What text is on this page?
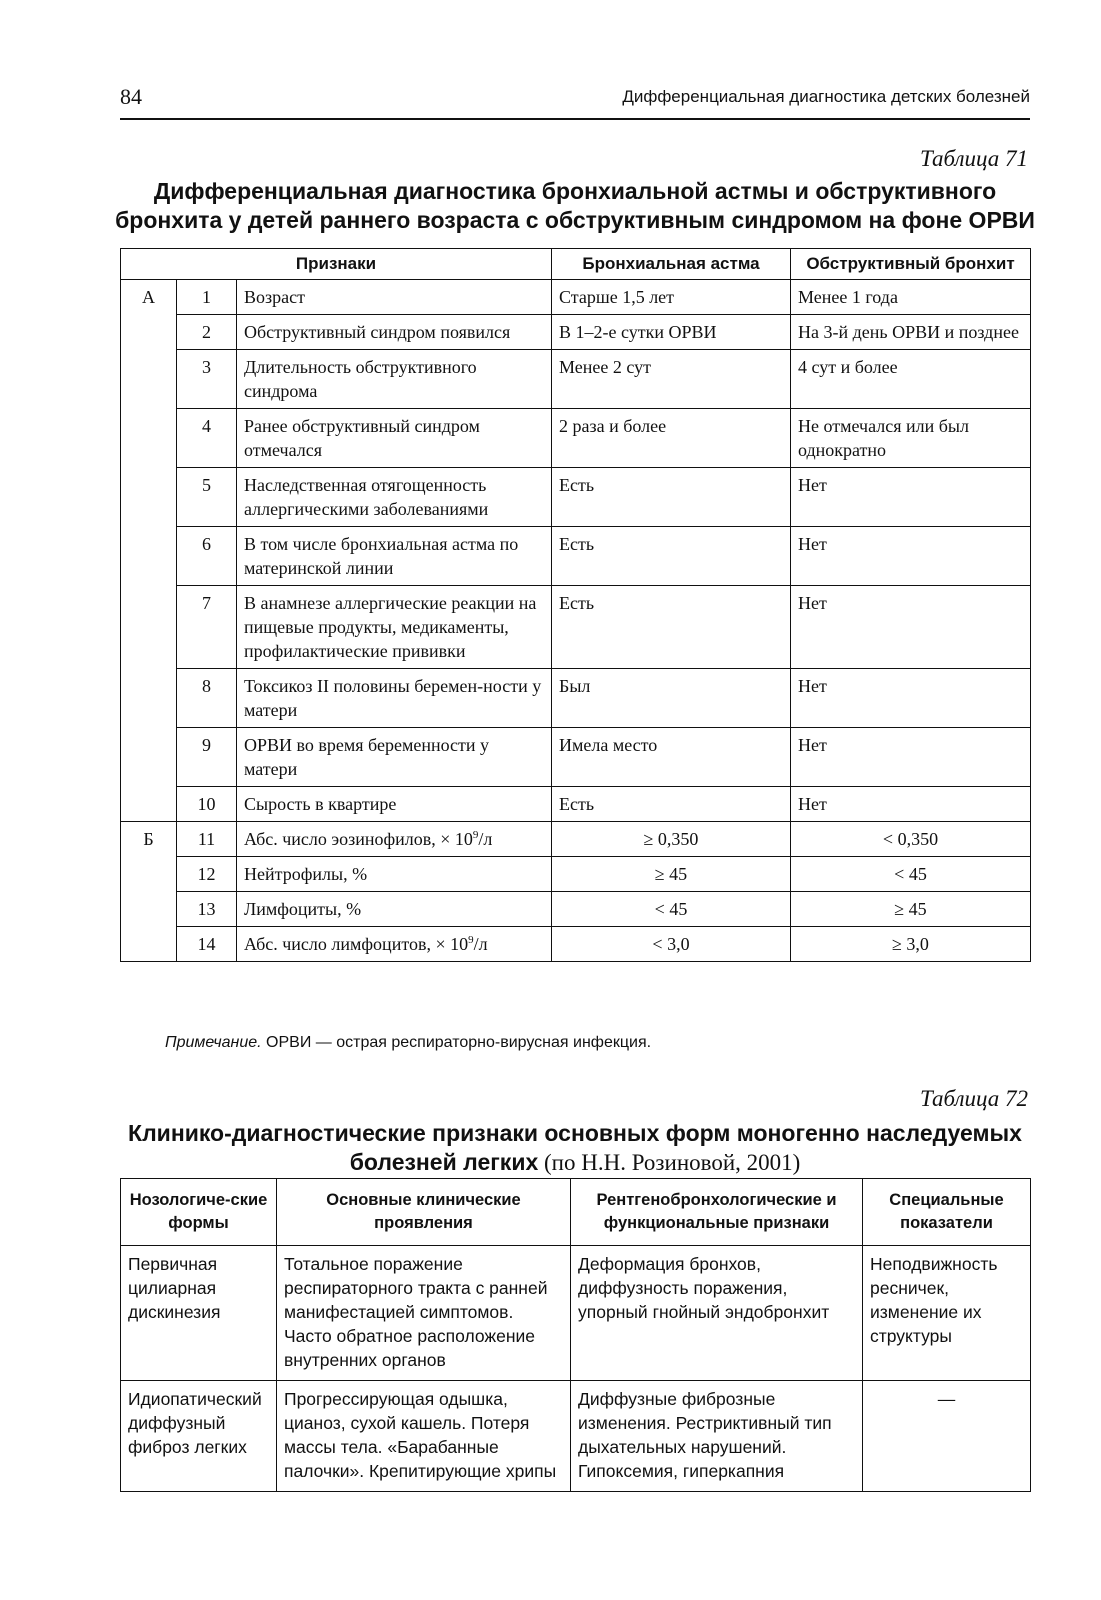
84	Дифференциальная диагностика детских болезней
Таблица 71
Дифференциальная диагностика бронхиальной астмы и обструктивного бронхита у детей раннего возраста с обструктивным синдромом на фоне ОРВИ
Признаки			Бронхиальная астма	Обструктивный бронхит
А	1	Возраст	Старше 1,5 лет	Менее 1 года
	2	Обструктивный синдром появился	В 1–2-е сутки ОРВИ	На 3-й день ОРВИ и позднее
	3	Длительность обструктивного синдрома	Менее 2 сут	4 сут и более
	4	Ранее обструктивный синдром отмечался	2 раза и более	Не отмечался или был однократно
	5	Наследственная отягощенность аллергическими заболеваниями	Есть	Нет
	6	В том числе бронхиальная астма по материнской линии	Есть	Нет
	7	В анамнезе аллергические реакции на пищевые продукты, медикаменты, профилактические прививки	Есть	Нет
	8	Токсикоз II половины беремен-ности у матери	Был	Нет
	9	ОРВИ во время беременности у матери	Имела место	Нет
	10	Сырость в квартире	Есть	Нет
Б	11	Абс. число эозинофилов, × $10^9/л$	≥ 0,350	< 0,350
	12	Нейтрофилы, %	≥ 45	< 45
	13	Лимфоциты, %	< 45	≥ 45
	14	Абс. число лимфоцитов, × $10^9/л$	< 3,0	≥ 3,0
Примечание. ОРВИ — острая респираторно-вирусная инфекция.
Таблица 72
Клинико-диагностические признаки основных форм моногенно наследуемых болезней легких (по Н.Н. Розиновой, 2001)
Нозологиче-ские формы	Основные клинические проявления	Рентгенобронхологические и функциональные признаки	Специальные показатели
Первичная цилиарная дискинезия	Тотальное поражение респираторного тракта с ранней манифестацией симптомов. Часто обратное расположение внутренних органов	Деформация бронхов, диффузность поражения, упорный гнойный эндобронхит	Неподвижность ресничек, изменение их структуры
Идиопатический диффузный фиброз легких	Прогрессирующая одышка, цианоз, сухой кашель. Потеря массы тела. «Барабанные палочки». Крепитирующие хрипы	Диффузные фиброзные изменения. Рестриктивный тип дыхательных нарушений. Гипоксемия, гиперкапния	—
